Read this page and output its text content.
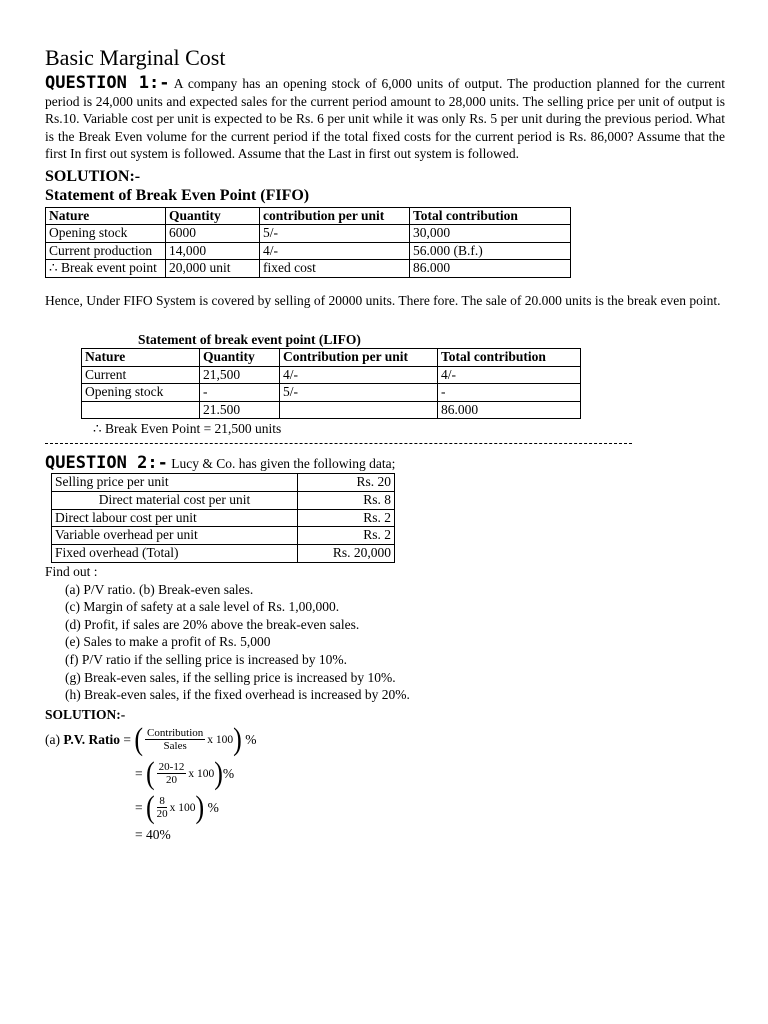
Basic Marginal Cost

QUESTION 1:- A company has an opening stock of 6,000 units of output. The production planned for the current period is 24,000 units and expected sales for the current period amount to 28,000 units. The selling price per unit of output is Rs.10. Variable cost per unit is expected to be Rs. 6 per unit while it was only Rs. 5 per unit during the previous period. What is the Break Even volume for the current period if the total fixed costs for the current period is Rs. 86,000? Assume that the first In first out system is followed. Assume that the Last in first out system is followed.

SOLUTION:-
Statement of Break Even Point (FIFO)
Nature	Quantity	contribution per unit	Total contribution
Opening stock	6000	5/-	30,000
Current production	14,000	4/-	56.000 (B.f.)
∴ Break event point	20,000 unit	fixed cost	86.000

Hence, Under FIFO System is covered by selling of 20000 units. There fore. The sale of 20.000 units is the break even point.

Statement of break event point (LIFO)
Nature	Quantity	Contribution per unit	Total contribution
Current	21,500	4/-	4/-
Opening stock	-	5/-	-
	21.500		86.000
∴ Break Even Point = 21,500 units
QUESTION 2:- Lucy & Co. has given the following data;
Selling price per unit	Rs. 20
Direct material cost per unit	Rs. 8
Direct labour cost per unit	Rs. 2
Variable overhead per unit	Rs. 2
Fixed overhead (Total)	Rs. 20,000
Find out :
(a) P/V ratio. (b) Break-even sales.
(c) Margin of safety at a sale level of Rs. 1,00,000.
(d) Profit, if sales are 20% above the break-even sales.
(e) Sales to make a profit of Rs. 5,000
(f) P/V ratio if the selling price is increased by 10%.
(g) Break-even sales, if the selling price is increased by 10%.
(h) Break-even sales, if the fixed overhead is increased by 20%.
SOLUTION:-
(a)
P.V. Ratio
=
( $\frac{\text{Contribution}}{\text{Sales}}$ x 100 )
%
=
( $\frac{20-12}{20}$ x 100 ) %
=
( $\frac{8}{20}$ x 100 )
%
= 40%
